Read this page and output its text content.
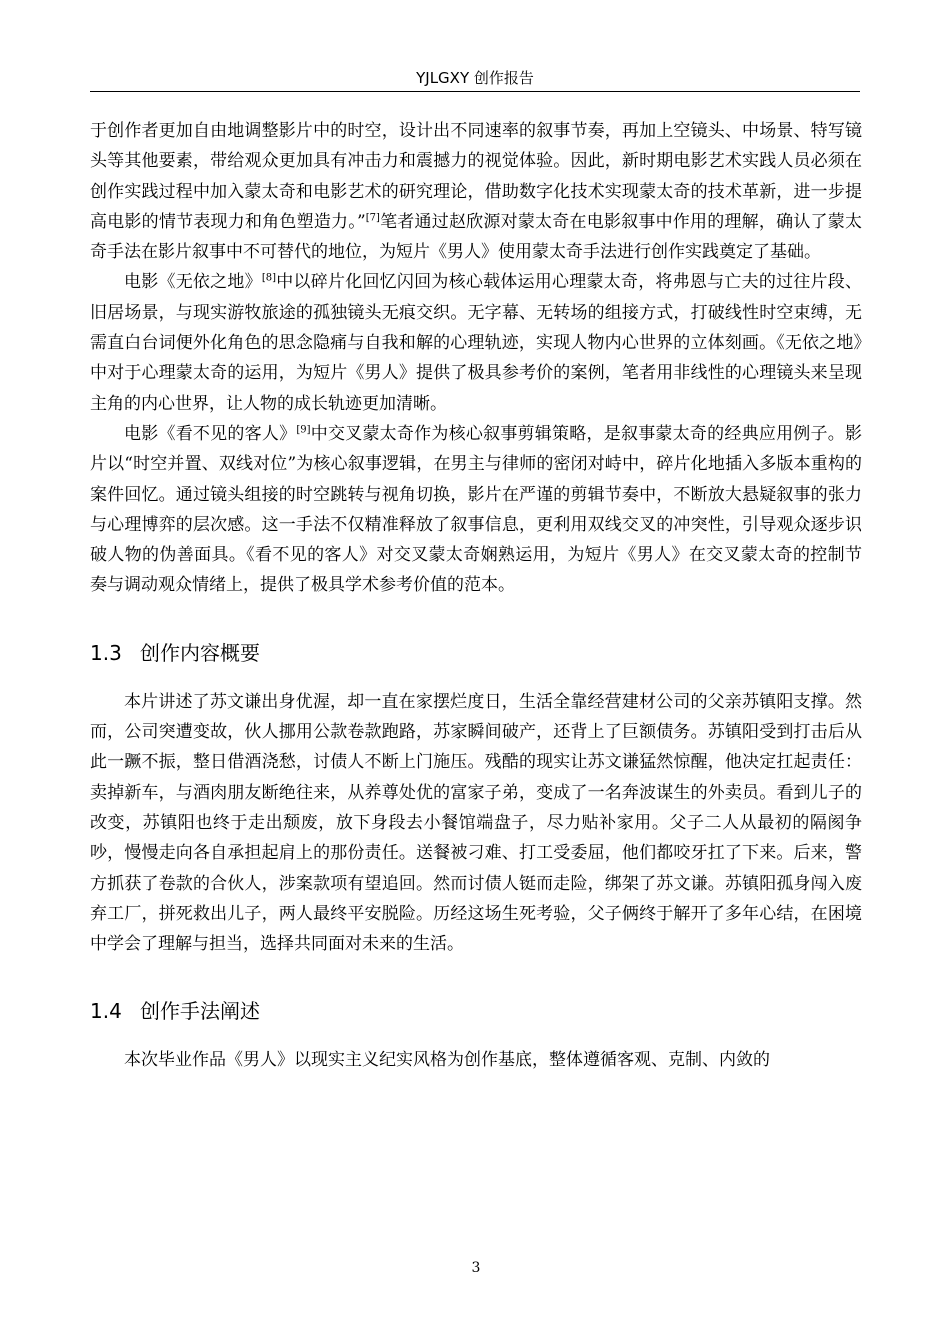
YJLGXY 创作报告

于创作者更加自由地调整影片中的时空，设计出不同速率的叙事节奏，再加上空镜头、中场景、特写镜头等其他要素，带给观众更加具有冲击力和震撼力的视觉体验。因此，新时期电影艺术实践人员必须在创作实践过程中加入蒙太奇和电影艺术的研究理论，借助数字化技术实现蒙太奇的技术革新，进一步提高电影的情节表现力和角色塑造力。”[7]笔者通过赵欣源对蒙太奇在电影叙事中作用的理解，确认了蒙太奇手法在影片叙事中不可替代的地位，为短片《男人》使用蒙太奇手法进行创作实践奠定了基础。

电影《无依之地》[8]中以碎片化回忆闪回为核心载体运用心理蒙太奇，将弗恩与亡夫的过往片段、旧居场景，与现实游牧旅途的孤独镜头无痕交织。无字幕、无转场的组接方式，打破线性时空束缚，无需直白台词便外化角色的思念隐痛与自我和解的心理轨迹，实现人物内心世界的立体刻画。《无依之地》中对于心理蒙太奇的运用，为短片《男人》提供了极具参考价的案例，笔者用非线性的心理镜头来呈现主角的内心世界，让人物的成长轨迹更加清晰。

电影《看不见的客人》[9]中交叉蒙太奇作为核心叙事剪辑策略，是叙事蒙太奇的经典应用例子。影片以“时空并置、双线对位”为核心叙事逻辑，在男主与律师的密闭对峙中，碎片化地插入多版本重构的案件回忆。通过镜头组接的时空跳转与视角切换，影片在严谨的剪辑节奏中，不断放大悬疑叙事的张力与心理博弈的层次感。这一手法不仅精准释放了叙事信息，更利用双线交叉的冲突性，引导观众逐步识破人物的伪善面具。《看不见的客人》对交叉蒙太奇娴熟运用，为短片《男人》在交叉蒙太奇的控制节奏与调动观众情绪上，提供了极具学术参考价值的范本。

1.3 创作内容概要

本片讲述了苏文谦出身优渥，却一直在家摆烂度日，生活全靠经营建材公司的父亲苏镇阳支撑。然而，公司突遭变故，伙人挪用公款卷款跑路，苏家瞬间破产，还背上了巨额债务。苏镇阳受到打击后从此一蹶不振，整日借酒浇愁，讨债人不断上门施压。残酷的现实让苏文谦猛然惊醒，他决定扛起责任：卖掉新车，与酒肉朋友断绝往来，从养尊处优的富家子弟，变成了一名奔波谋生的外卖员。看到儿子的改变，苏镇阳也终于走出颓废，放下身段去小餐馆端盘子，尽力贴补家用。父子二人从最初的隔阂争吵，慢慢走向各自承担起肩上的那份责任。送餐被刁难、打工受委屈，他们都咬牙扛了下来。后来，警方抓获了卷款的合伙人，涉案款项有望追回。然而讨债人铤而走险，绑架了苏文谦。苏镇阳孤身闯入废弃工厂，拼死救出儿子，两人最终平安脱险。历经这场生死考验，父子俩终于解开了多年心结，在困境中学会了理解与担当，选择共同面对未来的生活。

1.4 创作手法阐述

本次毕业作品《男人》以现实主义纪实风格为创作基底，整体遵循客观、克制、内敛的

3
